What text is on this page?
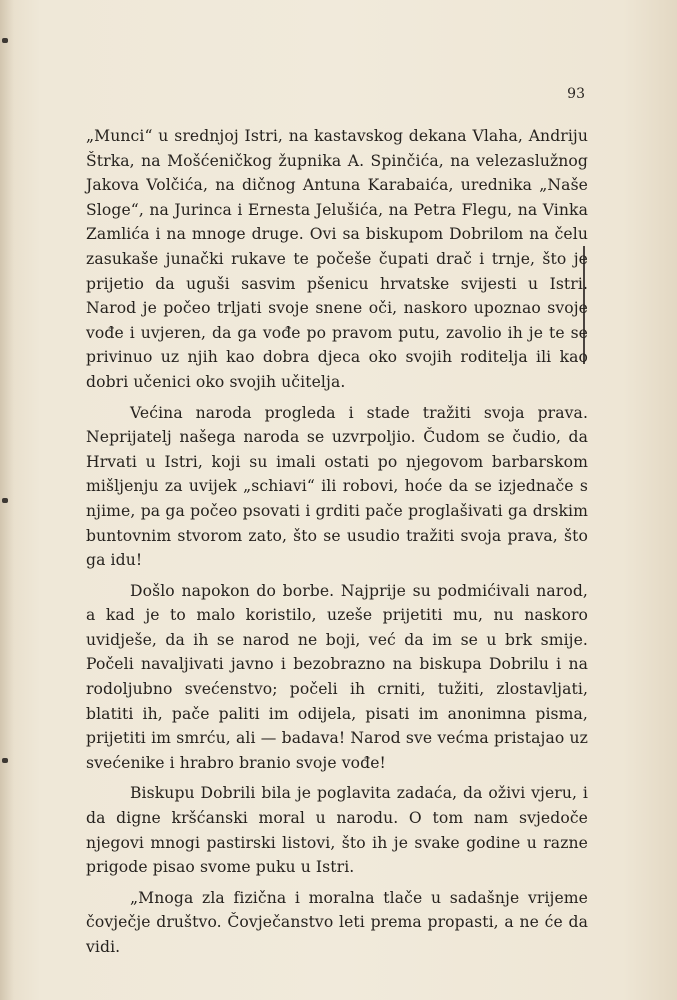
93

„Munci“ u srednjoj Istri, na kastavskog dekana Vlaha, Andriju Štrka, na Mošćeničkog župnika A. Spinčića, na velezaslužnog Jakova Volčića, na dičnog Antuna Karabaića, urednika „Naše Sloge“, na Jurinca i Ernesta Jelušića, na Petra Flegu, na Vinka Zamlića i na mnoge druge. Ovi sa biskupom Dobrilom na čelu zasukaše junački rukave te počeše čupati drač i trnje, što je prijetio da uguši sasvim pšenicu hrvatske svijesti u Istri. Narod je počeo trljati svoje snene oči, naskoro upoznao svoje vođe i uvjeren, da ga vođe po pravom putu, zavolio ih je te se privinuo uz njih kao dobra djeca oko svojih roditelja ili kao dobri učenici oko svojih učitelja.

Većina naroda progleda i stade tražiti svoja prava. Neprijatelj našega naroda se uzvrpoljio. Čudom se čudio, da Hrvati u Istri, koji su imali ostati po njegovom barbarskom mišljenju za uvijek „schiavi“ ili robovi, hoće da se izjednače s njime, pa ga počeo psovati i grditi pače proglašivati ga drskim buntovnim stvorom zato, što se usudio tražiti svoja prava, što ga idu!

Došlo napokon do borbe. Najprije su podmićivali narod, a kad je to malo koristilo, uzeše prijetiti mu, nu naskoro uvidješe, da ih se narod ne boji, već da im se u brk smije. Počeli navaljivati javno i bezobrazno na biskupa Dobrilu i na rodoljubno svećenstvo; počeli ih crniti, tužiti, zlostavljati, blatiti ih, pače paliti im odijela, pisati im anonimna pisma, prijetiti im smrću, ali — badava! Narod sve većma pristajao uz svećenike i hrabro branio svoje vođe!

Biskupu Dobrili bila je poglavita zadaća, da oživi vjeru, i da digne kršćanski moral u narodu. O tom nam svjedoče njegovi mnogi pastirski listovi, što ih je svake godine u razne prigode pisao svome puku u Istri.

„Mnoga zla fizična i moralna tlače u sadašnje vrijeme čovječje društvo. Čovječanstvo leti prema propasti, a ne će da vidi.
